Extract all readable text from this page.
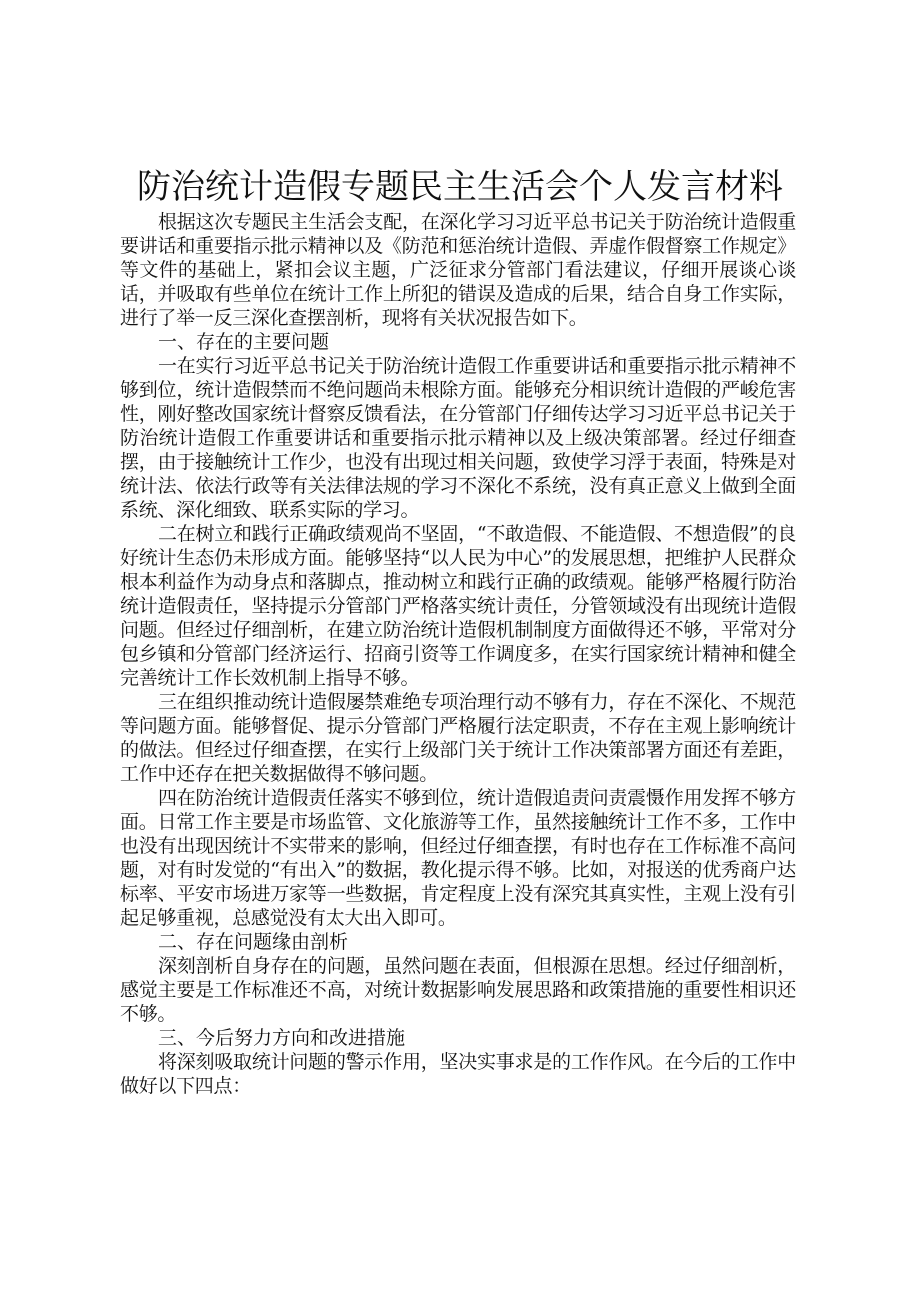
防治统计造假专题民主生活会个人发言材料

根据这次专题民主生活会支配，在深化学习习近平总书记关于防治统计造假重要讲话和重要指示批示精神以及《防范和惩治统计造假、弄虚作假督察工作规定》等文件的基础上，紧扣会议主题，广泛征求分管部门看法建议，仔细开展谈心谈话，并吸取有些单位在统计工作上所犯的错误及造成的后果，结合自身工作实际，进行了举一反三深化查摆剖析，现将有关状况报告如下。

一、存在的主要问题

一在实行习近平总书记关于防治统计造假工作重要讲话和重要指示批示精神不够到位，统计造假禁而不绝问题尚未根除方面。能够充分相识统计造假的严峻危害性，刚好整改国家统计督察反馈看法，在分管部门仔细传达学习习近平总书记关于防治统计造假工作重要讲话和重要指示批示精神以及上级决策部署。经过仔细查摆，由于接触统计工作少，也没有出现过相关问题，致使学习浮于表面，特殊是对统计法、依法行政等有关法律法规的学习不深化不系统，没有真正意义上做到全面系统、深化细致、联系实际的学习。

二在树立和践行正确政绩观尚不坚固，“不敢造假、不能造假、不想造假”的良好统计生态仍未形成方面。能够坚持“以人民为中心”的发展思想，把维护人民群众根本利益作为动身点和落脚点，推动树立和践行正确的政绩观。能够严格履行防治统计造假责任，坚持提示分管部门严格落实统计责任，分管领域没有出现统计造假问题。但经过仔细剖析，在建立防治统计造假机制制度方面做得还不够，平常对分包乡镇和分管部门经济运行、招商引资等工作调度多，在实行国家统计精神和健全完善统计工作长效机制上指导不够。

三在组织推动统计造假屡禁难绝专项治理行动不够有力，存在不深化、不规范等问题方面。能够督促、提示分管部门严格履行法定职责，不存在主观上影响统计的做法。但经过仔细查摆，在实行上级部门关于统计工作决策部署方面还有差距，工作中还存在把关数据做得不够问题。

四在防治统计造假责任落实不够到位，统计造假追责问责震慑作用发挥不够方面。日常工作主要是市场监管、文化旅游等工作，虽然接触统计工作不多，工作中也没有出现因统计不实带来的影响，但经过仔细查摆，有时也存在工作标准不高问题，对有时发觉的“有出入”的数据，教化提示得不够。比如，对报送的优秀商户达标率、平安市场进万家等一些数据，肯定程度上没有深究其真实性，主观上没有引起足够重视，总感觉没有太大出入即可。

二、存在问题缘由剖析

深刻剖析自身存在的问题，虽然问题在表面，但根源在思想。经过仔细剖析，感觉主要是工作标准还不高，对统计数据影响发展思路和政策措施的重要性相识还不够。

三、今后努力方向和改进措施

将深刻吸取统计问题的警示作用，坚决实事求是的工作作风。在今后的工作中做好以下四点：
